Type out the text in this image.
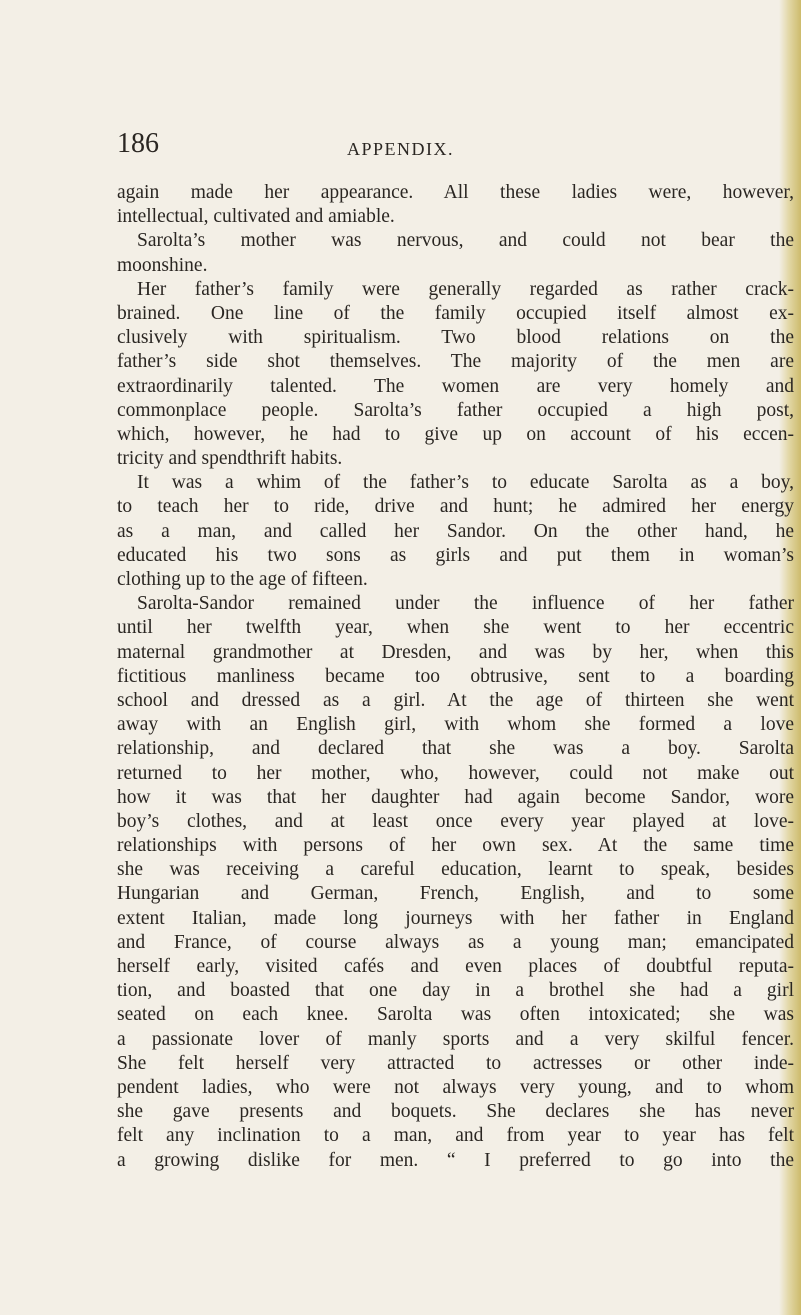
186	APPENDIX.
again made her appearance. All these ladies were, however,
intellectual, cultivated and amiable.
Sarolta’s mother was nervous, and could not bear the
moonshine.
Her father’s family were generally regarded as rather crack-
brained. One line of the family occupied itself almost ex-
clusively with spiritualism. Two blood relations on the
father’s side shot themselves. The majority of the men are
extraordinarily talented. The women are very homely and
commonplace people. Sarolta’s father occupied a high post,
which, however, he had to give up on account of his eccen-
tricity and spendthrift habits.
It was a whim of the father’s to educate Sarolta as a boy,
to teach her to ride, drive and hunt; he admired her energy
as a man, and called her Sandor. On the other hand, he
educated his two sons as girls and put them in woman’s
clothing up to the age of fifteen.
Sarolta-Sandor remained under the influence of her father
until her twelfth year, when she went to her eccentric
maternal grandmother at Dresden, and was by her, when this
fictitious manliness became too obtrusive, sent to a boarding
school and dressed as a girl. At the age of thirteen she went
away with an English girl, with whom she formed a love
relationship, and declared that she was a boy. Sarolta
returned to her mother, who, however, could not make out
how it was that her daughter had again become Sandor, wore
boy’s clothes, and at least once every year played at love-
relationships with persons of her own sex. At the same time
she was receiving a careful education, learnt to speak, besides
Hungarian and German, French, English, and to some
extent Italian, made long journeys with her father in England
and France, of course always as a young man; emancipated
herself early, visited cafés and even places of doubtful reputa-
tion, and boasted that one day in a brothel she had a girl
seated on each knee. Sarolta was often intoxicated; she was
a passionate lover of manly sports and a very skilful fencer.
She felt herself very attracted to actresses or other inde-
pendent ladies, who were not always very young, and to whom
she gave presents and boquets. She declares she has never
felt any inclination to a man, and from year to year has felt
a growing dislike for men. “ I preferred to go into the
